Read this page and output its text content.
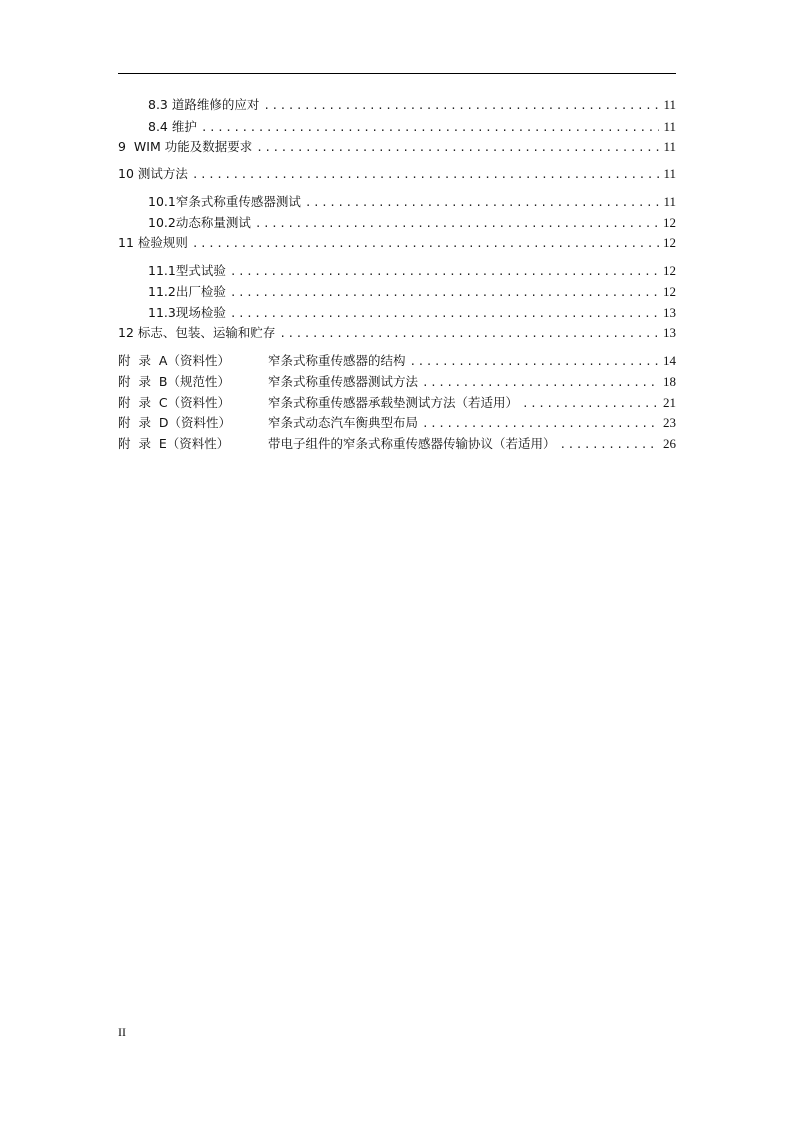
8.3 道路维修的应对 .....	11
8.4 维护 .....	11
9  WIM 功能及数据要求 .....	11
10 测试方法 .....	11
10.1窄条式称重传感器测试 .....	11
10.2动态称量测试 .....	12
11 检验规则 .....	12
11.1型式试验 .....	12
11.2出厂检验 .....	12
11.3现场检验 .....	13
12 标志、包装、运输和贮存 .....	13
附  录  A（资料性）	窄条式称重传感器的结构 .....	14
附  录  B（规范性）	窄条式称重传感器测试方法 .....	18
附  录  C（资料性）	窄条式称重传感器承载垫测试方法（若适用） .....	21
附  录  D（资料性）	窄条式动态汽车衡典型布局 .....	23
附  录  E（资料性）	带电子组件的窄条式称重传感器传输协议（若适用） .....	26
II
